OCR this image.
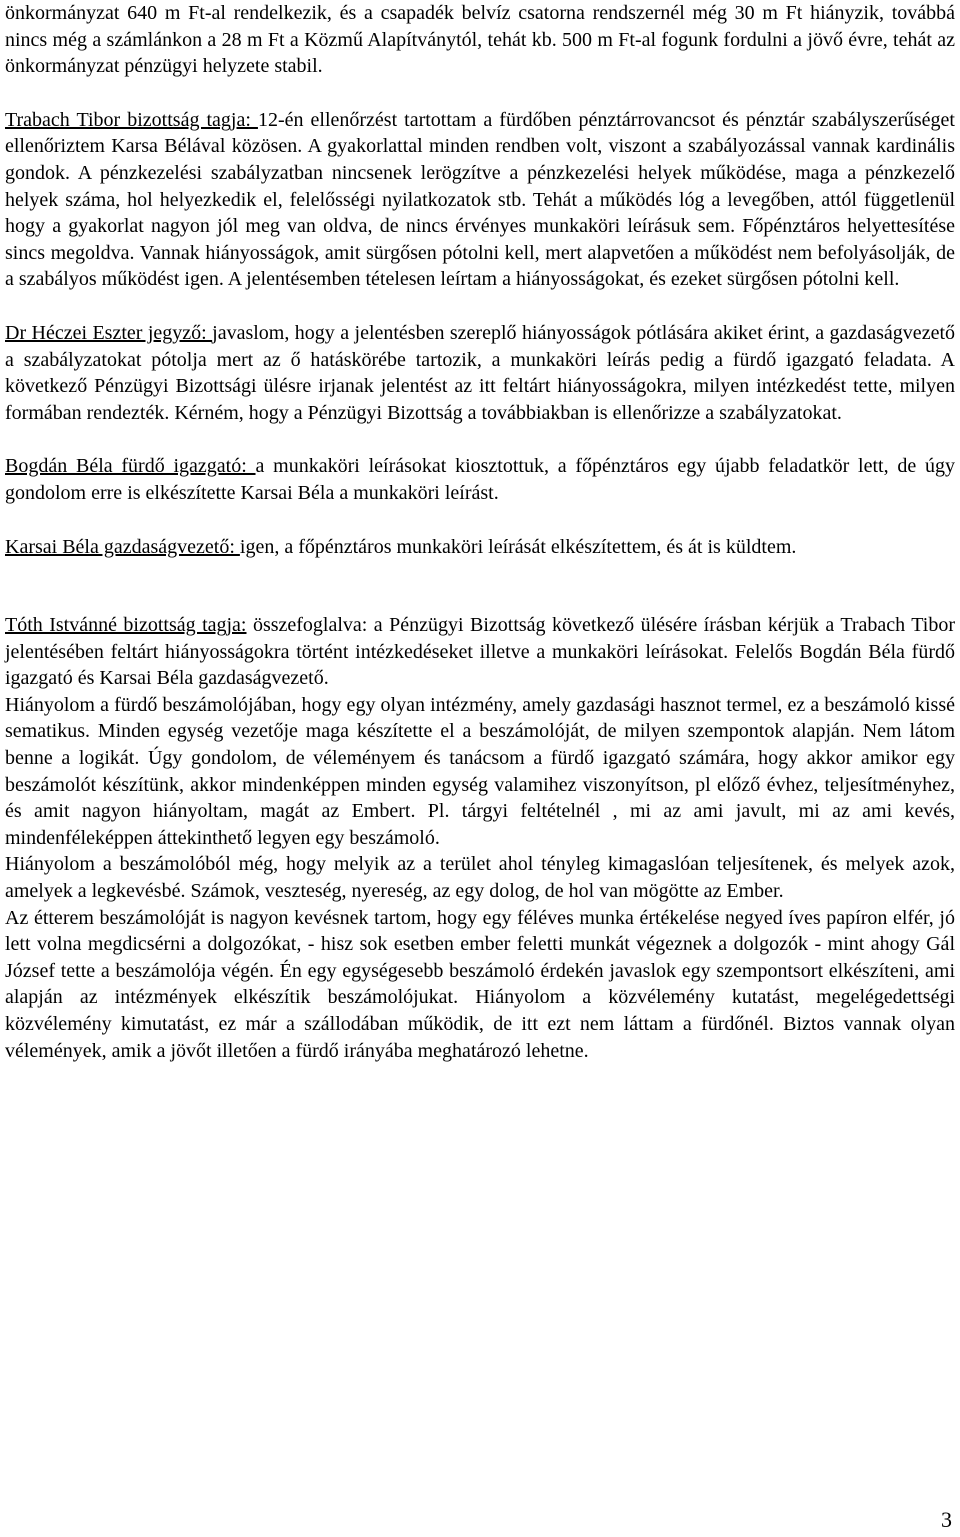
önkormányzat 640 m Ft-al rendelkezik, és a csapadék belvíz csatorna rendszernél még 30 m Ft hiányzik, továbbá nincs még a számlánkon a 28 m Ft a Közmű Alapítványtól, tehát kb. 500 m Ft-al fogunk fordulni a jövő évre, tehát az önkormányzat pénzügyi helyzete stabil.

Trabach Tibor bizottság tagja: 12-én ellenőrzést tartottam a fürdőben pénztárrovancsot és pénztár szabályszerűséget ellenőriztem Karsa Bélával közösen. A gyakorlattal minden rendben volt, viszont a szabályozással vannak kardinális gondok. A pénzkezelési szabályzatban nincsenek lerögzítve a pénzkezelési helyek működése, maga a pénzkezelő helyek száma, hol helyezkedik el, felelősségi nyilatkozatok stb. Tehát a működés lóg a levegőben, attól függetlenül hogy a gyakorlat nagyon jól meg van oldva, de nincs érvényes munkaköri leírásuk sem. Főpénztáros helyettesítése sincs megoldva. Vannak hiányosságok, amit sürgősen pótolni kell, mert alapvetően a működést nem befolyásolják, de a szabályos működést igen. A jelentésemben tételesen leírtam a hiányosságokat, és ezeket sürgősen pótolni kell.

Dr Héczei Eszter jegyző: javaslom, hogy a jelentésben szereplő hiányosságok pótlására akiket érint, a gazdaságvezető a szabályzatokat pótolja mert az ő hatáskörébe tartozik, a munkaköri leírás pedig a fürdő igazgató feladata. A következő Pénzügyi Bizottsági ülésre irjanak jelentést az itt feltárt hiányosságokra, milyen intézkedést tette, milyen formában rendezték. Kérném, hogy a Pénzügyi Bizottság a továbbiakban is ellenőrizze a szabályzatokat.

Bogdán Béla fürdő igazgató: a munkaköri leírásokat kiosztottuk, a főpénztáros egy újabb feladatkör lett, de úgy gondolom erre is elkészítette Karsai Béla a munkaköri leírást.

Karsai Béla gazdaságvezető: igen, a főpénztáros munkaköri leírását elkészítettem, és át is küldtem.

Tóth Istvánné bizottság tagja: összefoglalva: a Pénzügyi Bizottság következő ülésére írásban kérjük a Trabach Tibor jelentésében feltárt hiányosságokra történt intézkedéseket illetve a munkaköri leírásokat. Felelős Bogdán Béla fürdő igazgató és Karsai Béla gazdaságvezető.

Hiányolom a fürdő beszámolójában, hogy egy olyan intézmény, amely gazdasági hasznot termel, ez a beszámoló kissé sematikus. Minden egység vezetője maga készítette el a beszámolóját, de milyen szempontok alapján. Nem látom benne a logikát. Úgy gondolom, de véleményem és tanácsom a fürdő igazgató számára, hogy akkor amikor egy beszámolót készítünk, akkor mindenképpen minden egység valamihez viszonyítson, pl előző évhez, teljesítményhez, és amit nagyon hiányoltam, magát az Embert. Pl. tárgyi feltételnél , mi az ami javult, mi az ami kevés, mindenféleképpen áttekinthető legyen egy beszámoló.

Hiányolom a beszámolóból még, hogy melyik az a terület ahol tényleg kimagaslóan teljesítenek, és melyek azok, amelyek a legkevésbé. Számok, veszteség, nyereség, az egy dolog, de hol van mögötte az Ember.

Az étterem beszámolóját is nagyon kevésnek tartom, hogy egy féléves munka értékelése negyed íves papíron elfér, jó lett volna megdicsérni a dolgozókat, - hisz sok esetben ember feletti munkát végeznek a dolgozók - mint ahogy Gál József tette a beszámolója végén. Én egy egységesebb beszámoló érdekén javaslok egy szempontsort elkészíteni, ami alapján az intézmények elkészítik beszámolójukat. Hiányolom a közvélemény kutatást, megelégedettségi közvélemény kimutatást, ez már a szállodában működik, de itt ezt nem láttam a fürdőnél. Biztos vannak olyan vélemények, amik a jövőt illetően a fürdő irányába meghatározó lehetne.

3
